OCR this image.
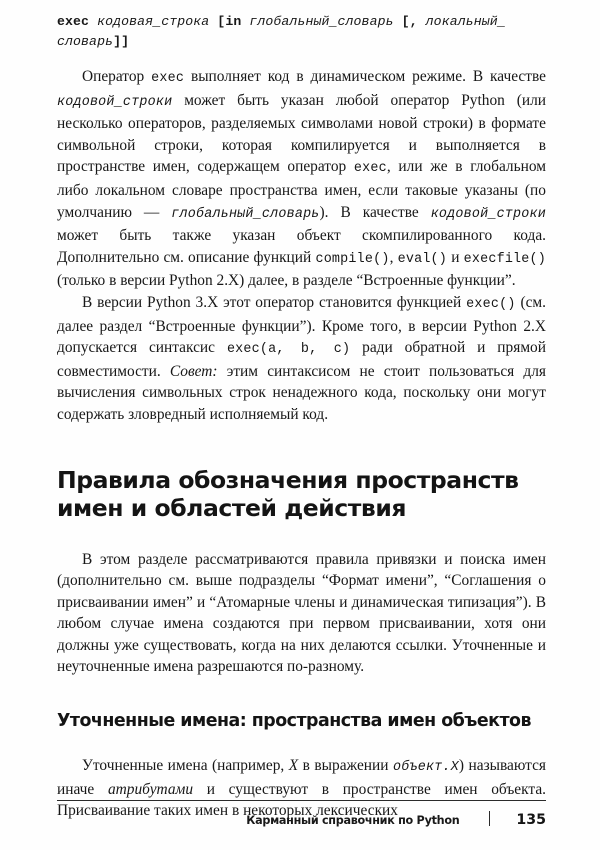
exec кодовая_строка [in глобальный_словарь [, локальный_
словарь]]

Оператор exec выполняет код в динамическом режиме. В качестве кодовой_строки может быть указан любой оператор Python (или несколько операторов, разделяемых символами новой строки) в формате символьной строки, которая компилируется и выполняется в пространстве имен, содержащем оператор exec, или же в глобальном либо локальном словаре пространства имен, если таковые указаны (по умолчанию — глобальный_словарь). В качестве кодовой_строки может быть также указан объект скомпилированного кода. Дополнительно см. описание функций compile(), eval() и execfile() (только в версии Python 2.X) далее, в разделе “Встроенные функции”.

В версии Python 3.X этот оператор становится функцией exec() (см. далее раздел “Встроенные функции”). Кроме того, в версии Python 2.X допускается синтаксис exec(a, b, c) ради обратной и прямой совместимости. Совет: этим синтаксисом не стоит пользоваться для вычисления символьных строк ненадежного кода, поскольку они могут содержать зловредный исполняемый код.

Правила обозначения пространств имен и областей действия

В этом разделе рассматриваются правила привязки и поиска имен (дополнительно см. выше подразделы “Формат имени”, “Соглашения о присваивании имен” и “Атомарные члены и динамическая типизация”). В любом случае имена создаются при первом присваивании, хотя они должны уже существовать, когда на них делаются ссылки. Уточненные и неуточненные имена разрешаются по-разному.

Уточненные имена: пространства имен объектов

Уточненные имена (например, X в выражении объект.X) называются иначе атрибутами и существуют в пространстве имен объекта. Присваивание таких имен в некоторых лексических

Карманный справочник по Python	135
